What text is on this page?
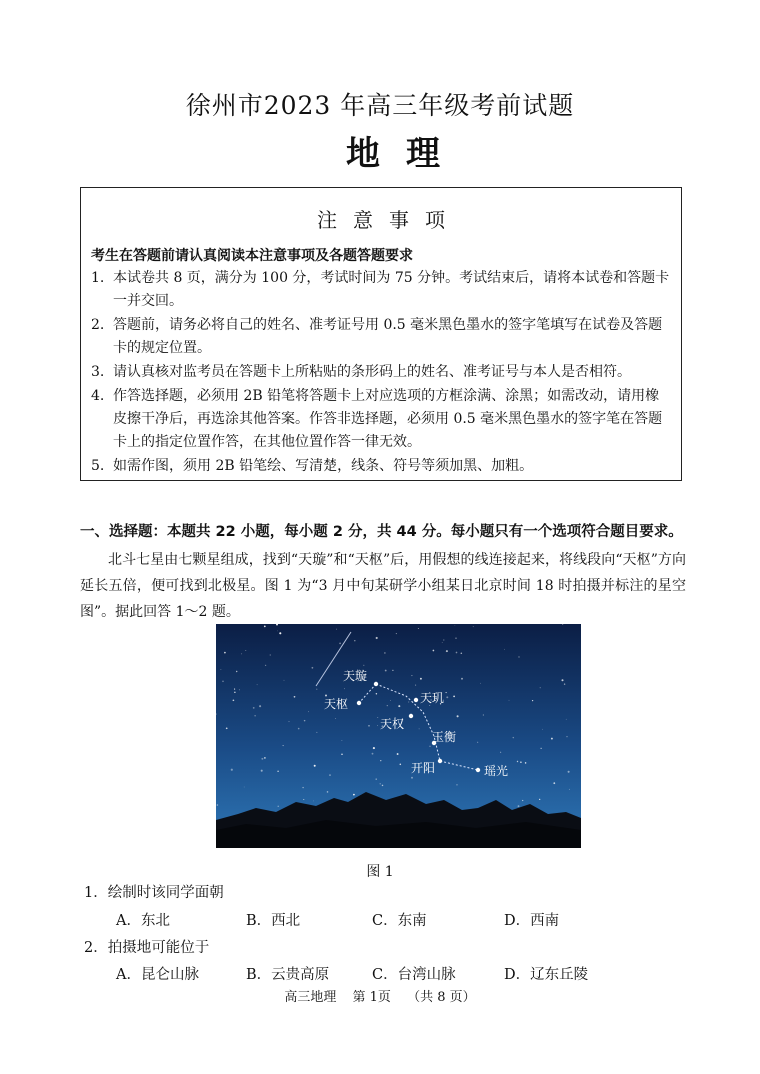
徐州市2023 年高三年级考前试题
地理
注意事项
考生在答题前请认真阅读本注意事项及各题答题要求
1. 本试卷共 8 页，满分为 100 分，考试时间为 75 分钟。考试结束后，请将本试卷和答题卡一并交回。
2. 答题前，请务必将自己的姓名、准考证号用 0.5 毫米黑色墨水的签字笔填写在试卷及答题卡的规定位置。
3. 请认真核对监考员在答题卡上所粘贴的条形码上的姓名、准考证号与本人是否相符。
4. 作答选择题，必须用 2B 铅笔将答题卡上对应选项的方框涂满、涂黑；如需改动，请用橡皮擦干净后，再选涂其他答案。作答非选择题，必须用 0.5 毫米黑色墨水的签字笔在答题卡上的指定位置作答，在其他位置作答一律无效。
5. 如需作图，须用 2B 铅笔绘、写清楚，线条、符号等须加黑、加粗。
一、选择题：本题共 22 小题，每小题 2 分，共 44 分。每小题只有一个选项符合题目要求。
北斗七星由七颗星组成，找到“天璇”和“天枢”后，用假想的线连接起来，将线段向“天枢”方向延长五倍，便可找到北极星。图 1 为“3 月中旬某研学小组某日北京时间 18 时拍摄并标注的星空图”。据此回答 1～2 题。
天璇
天枢	天玑
天权
玉衡
开阳	瑶光
图 1
1．绘制时该同学面朝
A．东北	B．西北	C．东南	D．西南
2．拍摄地可能位于
A．昆仑山脉	B．云贵高原	C．台湾山脉	D．辽东丘陵
高三地理 第 1页 （共 8 页）
